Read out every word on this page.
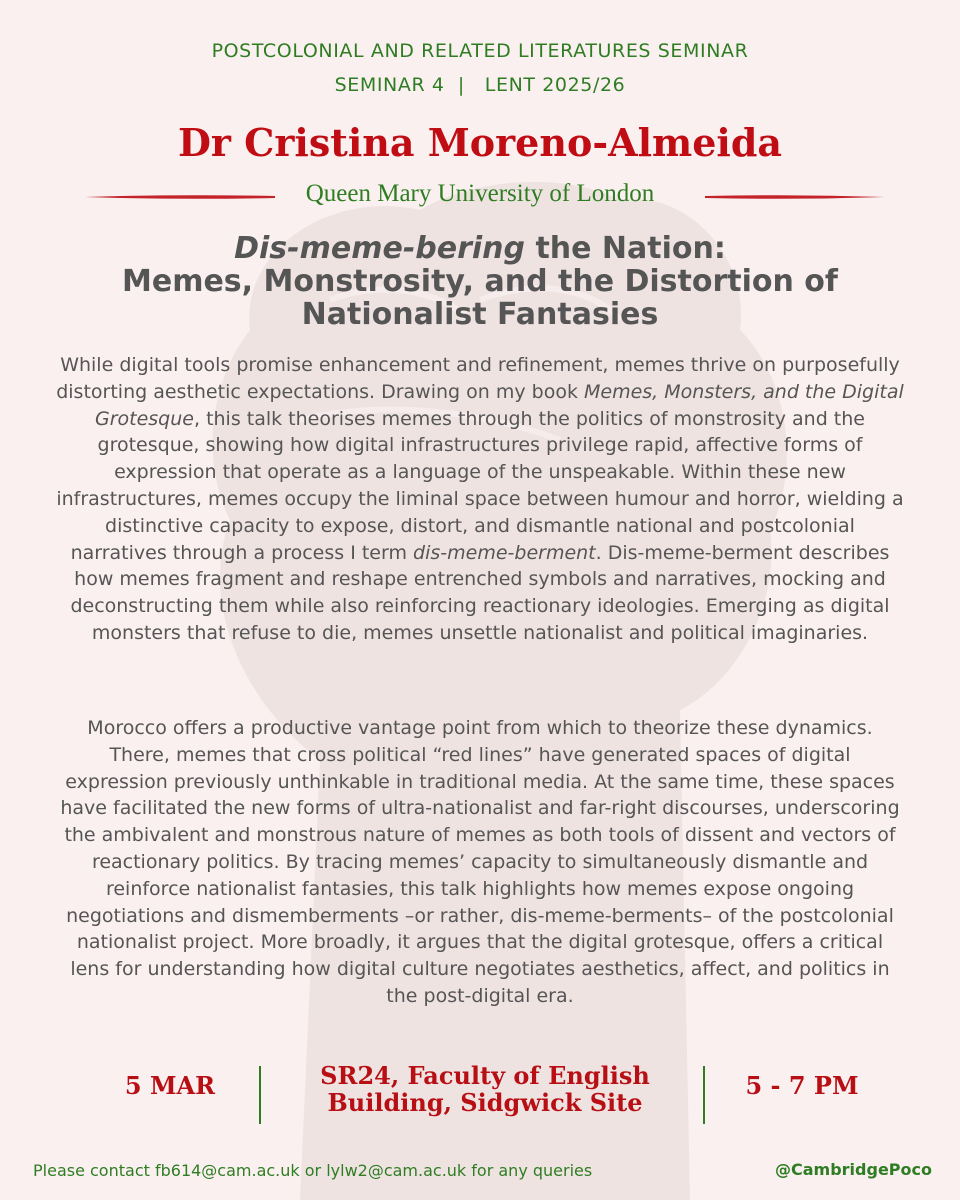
POSTCOLONIAL AND RELATED LITERATURES SEMINAR
SEMINAR 4  |   LENT 2025/26
Dr Cristina Moreno-Almeida
Queen Mary University of London
Dis-meme-bering the Nation:
Memes, Monstrosity, and the Distortion of
Nationalist Fantasies

While digital tools promise enhancement and refinement, memes thrive on purposefully distorting aesthetic expectations. Drawing on my book Memes, Monsters, and the Digital Grotesque, this talk theorises memes through the politics of monstrosity and the grotesque, showing how digital infrastructures privilege rapid, affective forms of expression that operate as a language of the unspeakable. Within these new infrastructures, memes occupy the liminal space between humour and horror, wielding a distinctive capacity to expose, distort, and dismantle national and postcolonial narratives through a process I term dis-meme-berment. Dis-meme-berment describes how memes fragment and reshape entrenched symbols and narratives, mocking and deconstructing them while also reinforcing reactionary ideologies. Emerging as digital monsters that refuse to die, memes unsettle nationalist and political imaginaries.

Morocco offers a productive vantage point from which to theorize these dynamics. There, memes that cross political “red lines” have generated spaces of digital expression previously unthinkable in traditional media. At the same time, these spaces have facilitated the new forms of ultra-nationalist and far-right discourses, underscoring the ambivalent and monstrous nature of memes as both tools of dissent and vectors of reactionary politics. By tracing memes’ capacity to simultaneously dismantle and reinforce nationalist fantasies, this talk highlights how memes expose ongoing negotiations and dismemberments –or rather, dis-meme-berments– of the postcolonial nationalist project. More broadly, it argues that the digital grotesque, offers a critical lens for understanding how digital culture negotiates aesthetics, affect, and politics in the post-digital era.

5 MAR	SR24, Faculty of English
Building, Sidgwick Site
5 - 7 PM
Please contact fb614@cam.ac.uk or lylw2@cam.ac.uk for any queries	@CambridgePoco
